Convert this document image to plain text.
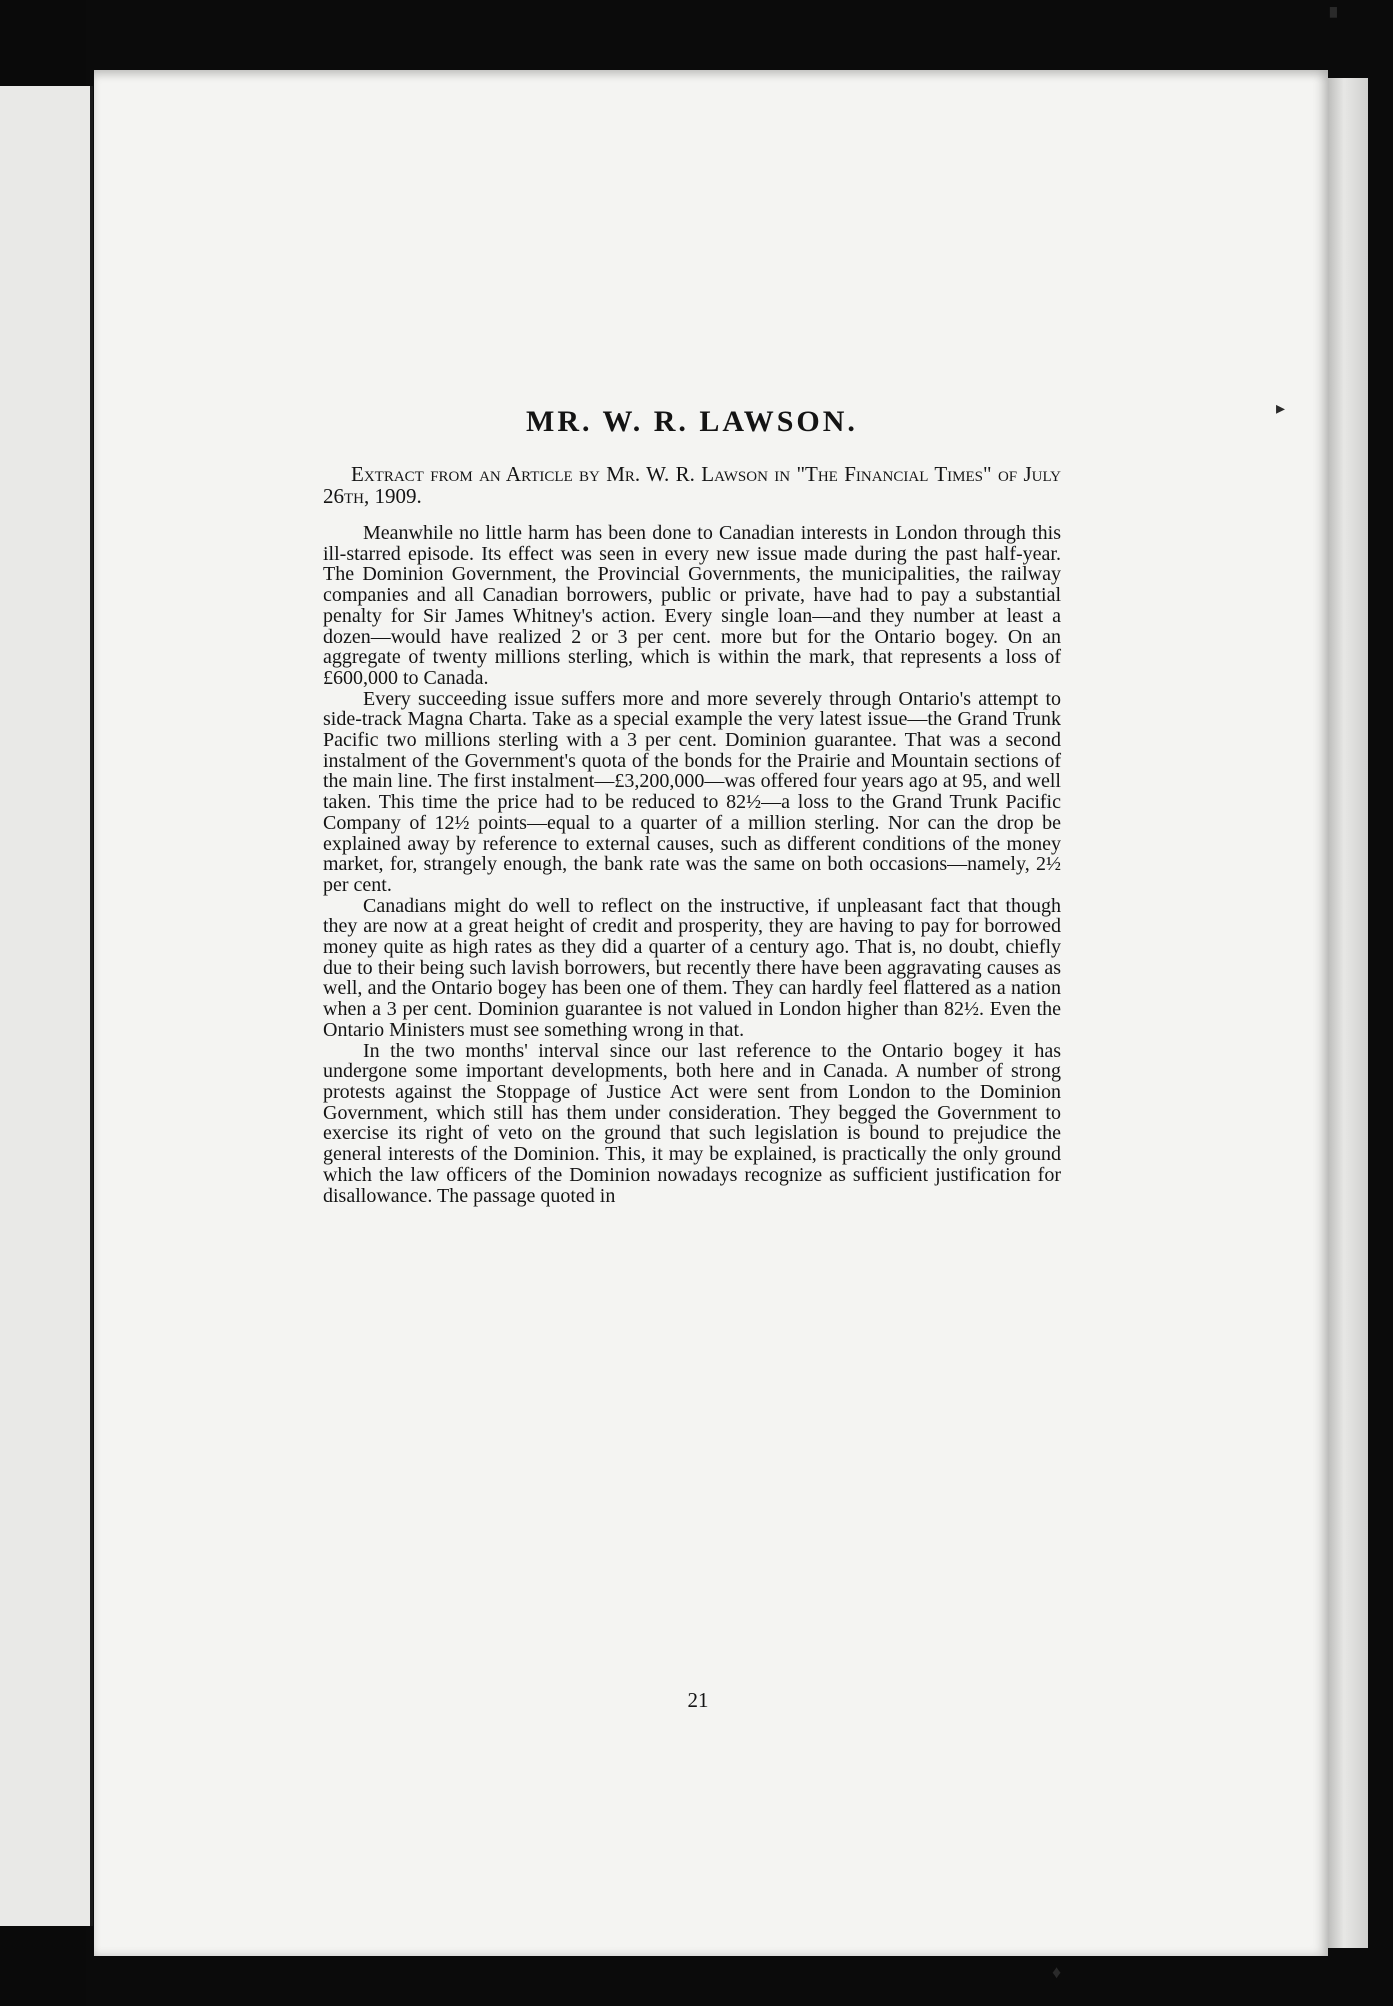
MR. W. R. LAWSON.

Extract from an Article by Mr. W. R. Lawson in "The Financial Times" of July 26th, 1909.

Meanwhile no little harm has been done to Canadian interests in London through this ill-starred episode. Its effect was seen in every new issue made during the past half-year. The Dominion Government, the Provincial Governments, the municipalities, the railway companies and all Canadian borrowers, public or private, have had to pay a substantial penalty for Sir James Whitney's action. Every single loan—and they number at least a dozen—would have realized 2 or 3 per cent. more but for the Ontario bogey. On an aggregate of twenty millions sterling, which is within the mark, that represents a loss of £600,000 to Canada.

Every succeeding issue suffers more and more severely through Ontario's attempt to side-track Magna Charta. Take as a special example the very latest issue—the Grand Trunk Pacific two millions sterling with a 3 per cent. Dominion guarantee. That was a second instalment of the Government's quota of the bonds for the Prairie and Mountain sections of the main line. The first instalment—£3,200,000—was offered four years ago at 95, and well taken. This time the price had to be reduced to 82½—a loss to the Grand Trunk Pacific Company of 12½ points—equal to a quarter of a million sterling. Nor can the drop be explained away by reference to external causes, such as different conditions of the money market, for, strangely enough, the bank rate was the same on both occasions—namely, 2½ per cent.

Canadians might do well to reflect on the instructive, if unpleasant fact that though they are now at a great height of credit and prosperity, they are having to pay for borrowed money quite as high rates as they did a quarter of a century ago. That is, no doubt, chiefly due to their being such lavish borrowers, but recently there have been aggravating causes as well, and the Ontario bogey has been one of them. They can hardly feel flattered as a nation when a 3 per cent. Dominion guarantee is not valued in London higher than 82½. Even the Ontario Ministers must see something wrong in that.

In the two months' interval since our last reference to the Ontario bogey it has undergone some important developments, both here and in Canada. A number of strong protests against the Stoppage of Justice Act were sent from London to the Dominion Government, which still has them under consideration. They begged the Government to exercise its right of veto on the ground that such legislation is bound to prejudice the general interests of the Dominion. This, it may be explained, is practically the only ground which the law officers of the Dominion nowadays recognize as sufficient justification for disallowance. The passage quoted in

21
▘
▸
♦
